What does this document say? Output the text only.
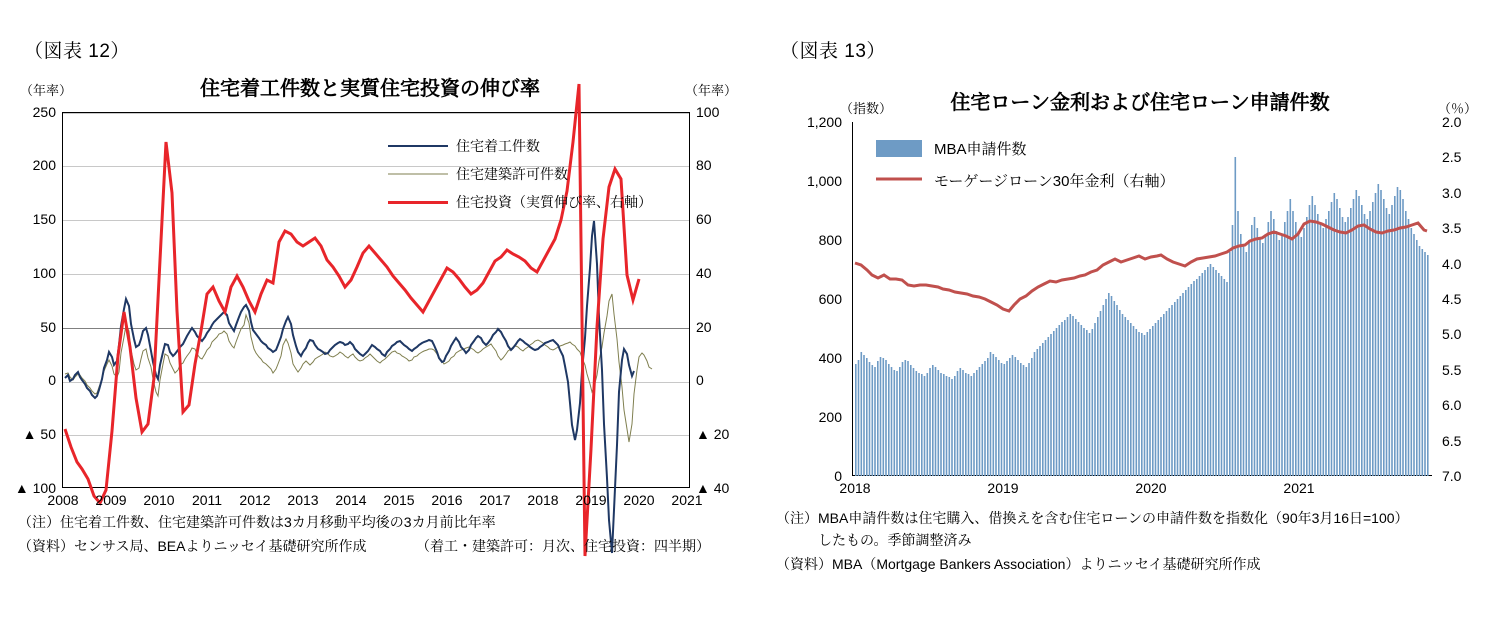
（図表 12）
住宅着工件数と実質住宅投資の伸び率
（年率）	（年率）
250
200
150
100
50
0
▲ 50
▲ 100
100
80
60
40
20
0
▲ 20
▲ 40
2008	2009	2010	2011	2012	2013	2014	2015	2016	2017	2018	2019	2020	2021
住宅着工件数
住宅建築許可件数
住宅投資（実質伸び率、右軸）
（注）住宅着工件数、住宅建築許可件数は3カ月移動平均後の3カ月前比年率
（資料）センサス局、BEAよりニッセイ基礎研究所作成	（着工・建築許可：月次、住宅投資：四半期）
（図表 13）
住宅ローン金利および住宅ローン申請件数
（指数）	（％）
1,200
1,000
800
600
400
200
0
2.0
2.5
3.0
3.5
4.0
4.5
5.0
5.5
6.0
6.5
7.0
2018	2019	2020	2021
MBA申請件数
モーゲージローン30年金利（右軸）
（注）MBA申請件数は住宅購入、借換えを含む住宅ローンの申請件数を指数化（90年3月16日=100）
　　　したもの。季節調整済み
（資料）MBA（Mortgage Bankers Association）よりニッセイ基礎研究所作成
